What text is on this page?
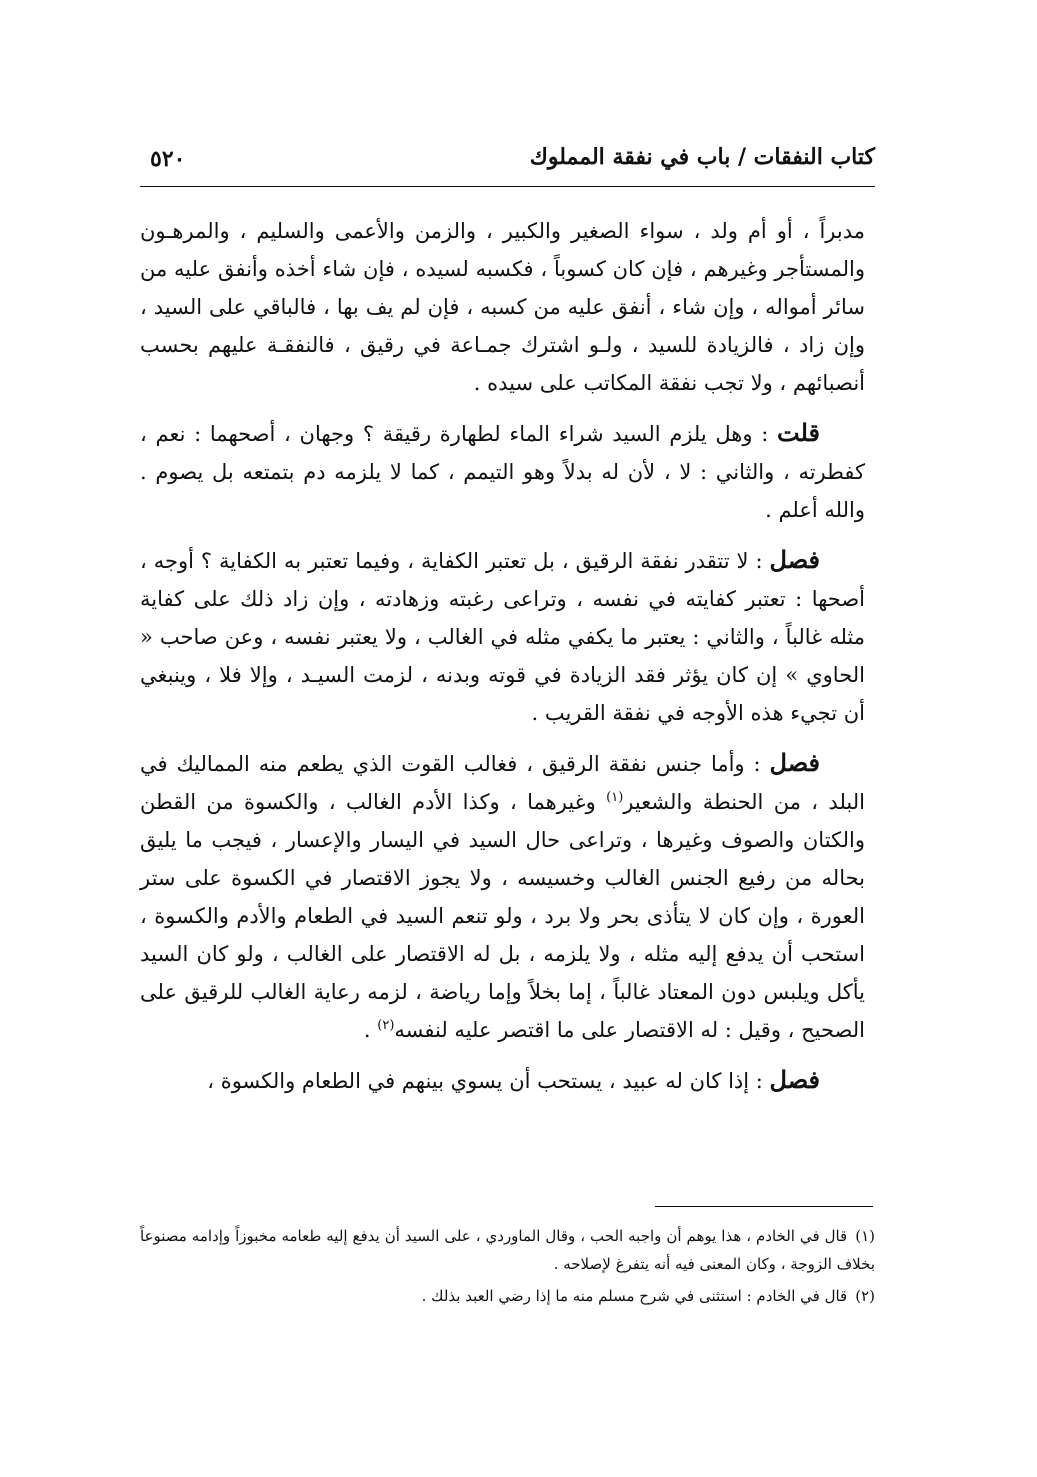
كتاب النفقات / باب في نفقة المملوك
٥٢٠

مدبراً ، أو أم ولد ، سواء الصغير والكبير ، والزمن والأعمى والسليم ، والمرهـون والمستأجر وغيرهم ، فإن كان كسوباً ، فكسبه لسيده ، فإن شاء أخذه وأنفق عليه من سائر أمواله ، وإن شاء ، أنفق عليه من كسبه ، فإن لم يف بها ، فالباقي على السيد ، وإن زاد ، فالزيادة للسيد ، ولـو اشترك جمـاعة في رقيق ، فالنفقـة عليهم بحسب أنصبائهم ، ولا تجب نفقة المكاتب على سيده .

قلت : وهل يلزم السيد شراء الماء لطهارة رقيقة ؟ وجهان ، أصحهما : نعم ، كفطرته ، والثاني : لا ، لأن له بدلاً وهو التيمم ، كما لا يلزمه دم بتمتعه بل يصوم . والله أعلم .

فصل : لا تتقدر نفقة الرقيق ، بل تعتبر الكفاية ، وفيما تعتبر به الكفاية ؟ أوجه ، أصحها : تعتبر كفايته في نفسه ، وتراعى رغبته وزهادته ، وإن زاد ذلك على كفاية مثله غالباً ، والثاني : يعتبر ما يكفي مثله في الغالب ، ولا يعتبر نفسه ، وعن صاحب « الحاوي » إن كان يؤثر فقد الزيادة في قوته وبدنه ، لزمت السيـد ، وإلا فلا ، وينبغي أن تجيء هذه الأوجه في نفقة القريب .

فصل : وأما جنس نفقة الرقيق ، فغالب القوت الذي يطعم منه المماليك في البلد ، من الحنطة والشعير$^{(١)}$ وغيرهما ، وكذا الأدم الغالب ، والكسوة من القطن والكتان والصوف وغيرها ، وتراعى حال السيد في اليسار والإعسار ، فيجب ما يليق بحاله من رفيع الجنس الغالب وخسيسه ، ولا يجوز الاقتصار في الكسوة على ستر العورة ، وإن كان لا يتأذى بحر ولا برد ، ولو تنعم السيد في الطعام والأدم والكسوة ، استحب أن يدفع إليه مثله ، ولا يلزمه ، بل له الاقتصار على الغالب ، ولو كان السيد يأكل ويلبس دون المعتاد غالباً ، إما بخلاً وإما رياضة ، لزمه رعاية الغالب للرقيق على الصحيح ، وقيل : له الاقتصار على ما اقتصر عليه لنفسه$^{(٢)}$ .

فصل : إذا كان له عبيد ، يستحب أن يسوي بينهم في الطعام والكسوة ،

(١)قال في الخادم ، هذا يوهم أن واجبه الحب ، وقال الماوردي ، على السيد أن يدفع إليه طعامه مخبوزاً وإدامه مصنوعاً بخلاف الزوجة ، وكان المعنى فيه أنه يتفرغ لإصلاحه .

(٢)قال في الخادم : استثنى في شرح مسلم منه ما إذا رضي العبد بذلك .
